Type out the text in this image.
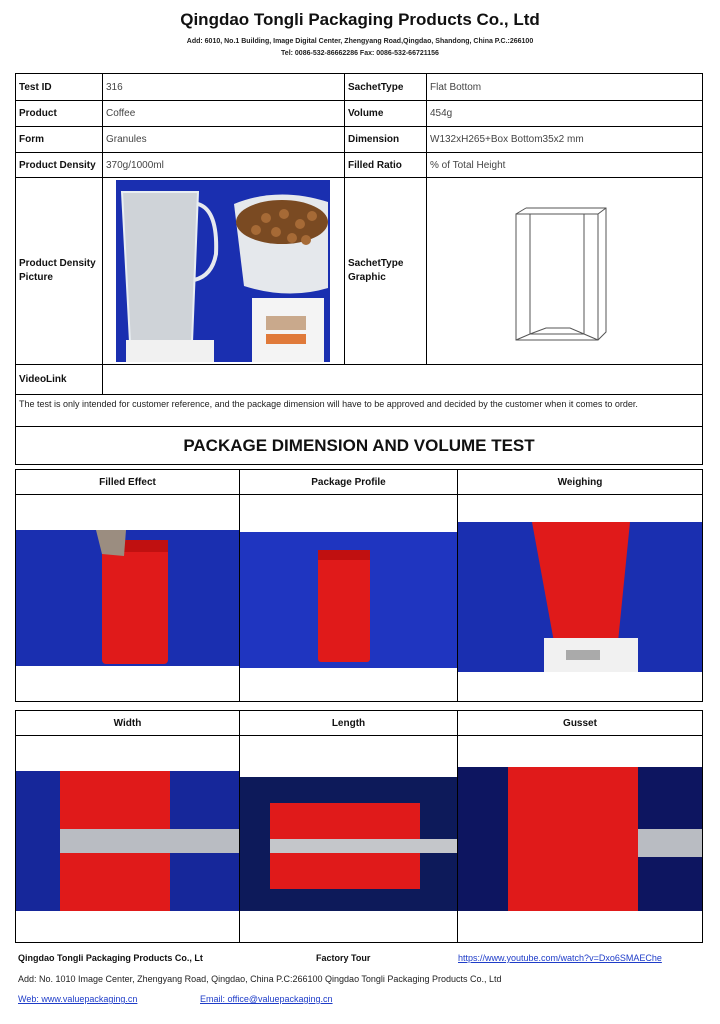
Qingdao Tongli Packaging Products Co., Ltd
Add: 6010, No.1 Building, Image Digital Center, Zhengyang Road,Qingdao, Shandong, China P.C.:266100
Tel: 0086-532-86662286 Fax: 0086-532-66721156
Test ID	316	SachetType	Flat Bottom
Product	Coffee	Volume	454g
Form	Granules	Dimension	W132xH265+Box Bottom35x2 mm
Product Density	370g/1000ml	Filled Ratio	% of Total Height
Product Density Picture
SachetType Graphic
VideoLink
The test is only intended for customer reference, and the package dimension will have to be approved and decided by the customer when it comes to order.
PACKAGE DIMENSION AND VOLUME TEST
Filled Effect	Package Profile	Weighing
Width	Length	Gusset
Qingdao Tongli Packaging Products Co., Lt	Factory Tour	https://www.youtube.com/watch?v=Dxo6SMAEChe
Add: No. 1010 Image Center, Zhengyang Road, Qingdao, China P.C:266100 Qingdao Tongli Packaging Products Co., Ltd
Web: www.valuepackaging.cn	Email: office@valuepackaging.cn
